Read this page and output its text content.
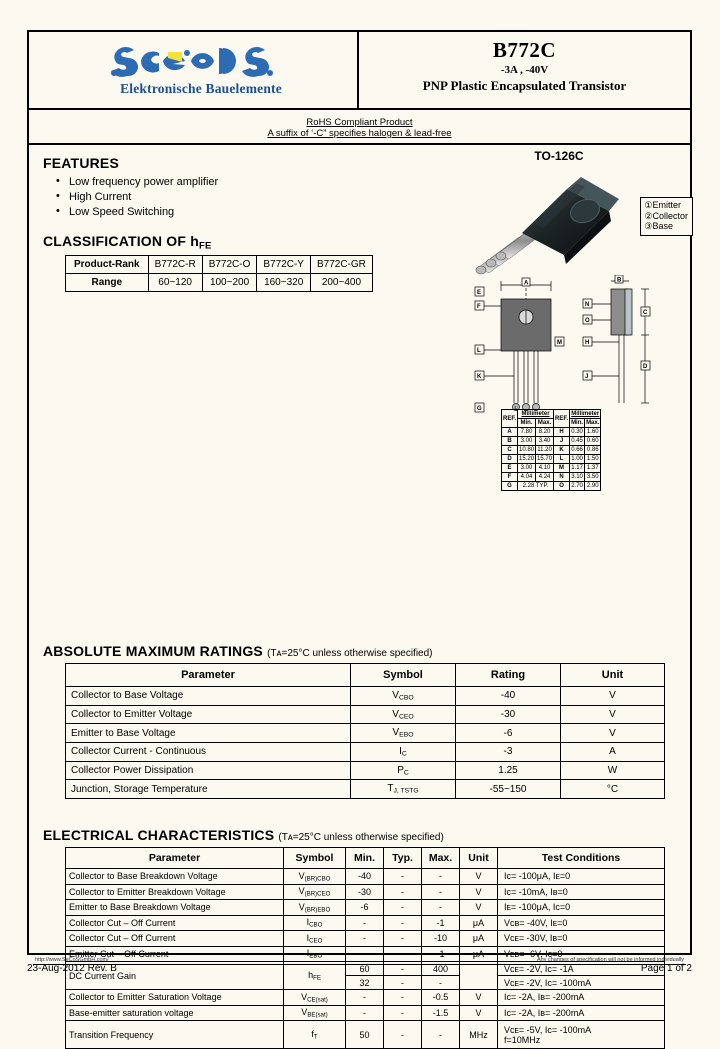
Elektronische Bauelemente
B772C
-3A , -40V
PNP Plastic Encapsulated Transistor
RoHS Compliant Product
A suffix of ‘-C” specifies halogen & lead-free
FEATURES
• Low frequency power amplifier
• High Current
• Low Speed Switching
CLASSIFICATION OF $h_{FE}$
Product-Rank	B772C-R	B772C-O	B772C-Y	B772C-GR
Range	60~120	100~200	160~320	200~400
TO-126C
①Emitter
②Collector
③Base
①
A
E
F
L
K
M
G
B
C
D
N
O
H
J
REF.	Millimeter		REF.	Millimeter	
	Min.	Max.		Min.	Max.
A	7.80	8.20	H	0.30	1.60
B	3.00	3.40	J	0.45	0.60
C	10.80	11.20	K	0.66	0.86
D	15.20	15.70	L	1.00	1.50
E	3.00	4.10	M	1.17	1.37
F	4.04	4.24	N	3.10	3.50
G	2.28 TYP.		O	2.70	2.90
ABSOLUTE MAXIMUM RATINGS (Tᴀ=25°C unless otherwise specified)
Parameter	Symbol	Rating	Unit
Collector to Base Voltage	$V_{CBO}$	-40	V
Collector to Emitter Voltage	$V_{CEO}$	-30	V
Emitter to Base Voltage	$V_{EBO}$	-6	V
Collector Current - Continuous	$I_C$	-3	A
Collector Power Dissipation	$P_C$	1.25	W
Junction, Storage Temperature	$T_{J, TSTG}$	-55~150	°C
ELECTRICAL CHARACTERISTICS (Tᴀ=25°C unless otherwise specified)
Parameter	Symbol	Min.	Typ.	Max.	Unit	Test Conditions
Collector to Base Breakdown Voltage	$V_{(BR)CBO}$	-40	-	-	V	Iᴄ= -100μA, Iᴇ=0
Collector to Emitter Breakdown Voltage	$V_{(BR)CEO}$	-30	-	-	V	Iᴄ= -10mA, Iʙ=0
Emitter to Base Breakdown Voltage	$V_{(BR)EBO}$	-6	-	-	V	Iᴇ= -100μA, Iᴄ=0
Collector Cut – Off Current	$I_{CBO}$	-	-	-1	μA	Vᴄʙ= -40V, Iᴇ=0
Collector Cut – Off Current	$I_{CEO}$	-	-	-10	μA	Vᴄᴇ= -30V, Iʙ=0
Emitter Cut – Off Current	$I_{EBO}$	-	-	-1	μA	Vᴇʙ= -6V, Iᴄ=0
DC Current Gain	$h_{FE}$	60	-	400		Vᴄᴇ= -2V, Iᴄ= -1A
		32	-	-		Vᴄᴇ= -2V, Iᴄ= -100mA
Collector to Emitter Saturation Voltage	$V_{CE(sat)}$	-	-	-0.5	V	Iᴄ= -2A, Iʙ= -200mA
Base-emitter saturation voltage	$V_{BE(sat)}$	-	-	-1.5	V	Iᴄ= -2A, Iʙ= -200mA
Transition Frequency	$f_T$	50	-	-	MHz	Vᴄᴇ= -5V, Iᴄ= -100mA
f=10MHz
http://www.SeCoSGmbH.com/	Any changes of specification will not be informed individually
23-Aug-2012 Rev. B	Page 1 of 2
